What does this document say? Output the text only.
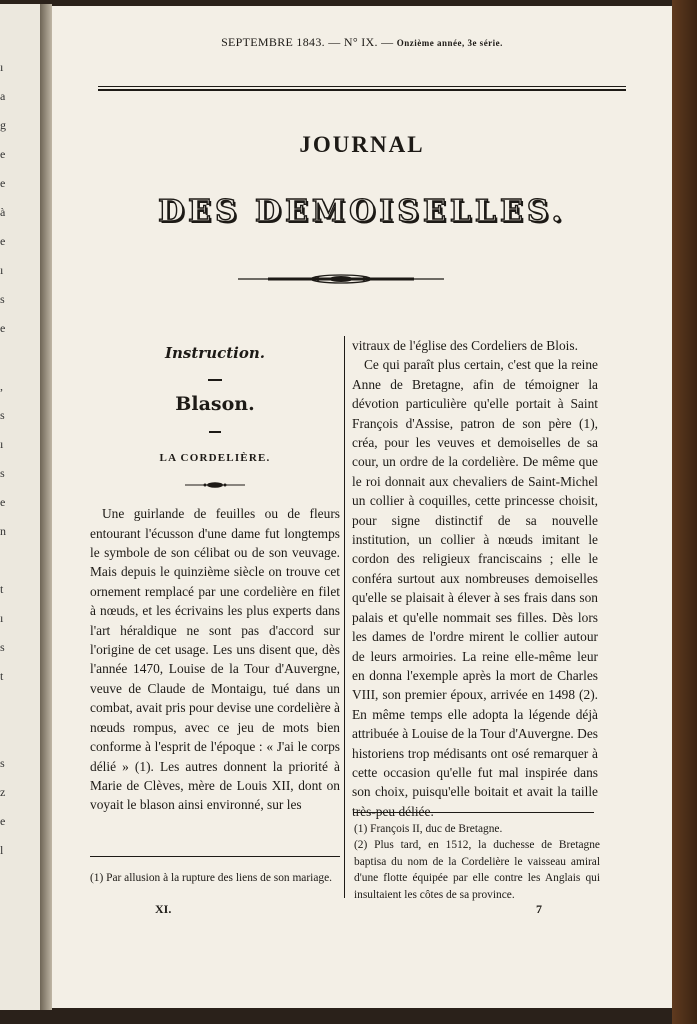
ı
a
g
e
e
à
e
ı
s
e
,
s
ı
s
e
n
t
ı
s
t
s
z
e
l
SEPTEMBRE 1843. — N° IX. — Onzième année, 3e série.
JOURNAL
DES DEMOISELLES.
Instruction.
Blason.
LA CORDELIÈRE.

Une guirlande de feuilles ou de fleurs entourant l'écusson d'une dame fut longtemps le symbole de son célibat ou de son veuvage. Mais depuis le quinzième siècle on trouve cet ornement remplacé par une cordelière en filet à nœuds, et les écrivains les plus experts dans l'art héraldique ne sont pas d'accord sur l'origine de cet usage. Les uns disent que, dès l'année 1470, Louise de la Tour d'Auvergne, veuve de Claude de Montaigu, tué dans un combat, avait pris pour devise une cordelière à nœuds rompus, avec ce jeu de mots bien conforme à l'esprit de l'époque : « J'ai le corps délié » (1). Les autres donnent la priorité à Marie de Clèves, mère de Louis XII, dont on voyait le blason ainsi environné, sur les

vitraux de l'église des Cordeliers de Blois.

Ce qui paraît plus certain, c'est que la reine Anne de Bretagne, afin de témoigner la dévotion particulière qu'elle portait à Saint François d'Assise, patron de son père (1), créa, pour les veuves et demoiselles de sa cour, un ordre de la cordelière. De même que le roi donnait aux chevaliers de Saint-Michel un collier à coquilles, cette princesse choisit, pour signe distinctif de sa nouvelle institution, un collier à nœuds imitant le cordon des religieux franciscains ; elle le conféra surtout aux nombreuses demoiselles qu'elle se plaisait à élever à ses frais dans son palais et qu'elle nommait ses filles. Dès lors les dames de l'ordre mirent le collier autour de leurs armoiries. La reine elle-même leur en donna l'exemple après la mort de Charles VIII, son premier époux, arrivée en 1498 (2). En même temps elle adopta la légende déjà attribuée à Louise de la Tour d'Auvergne. Des historiens trop médisants ont osé remarquer à cette occasion qu'elle fut mal inspirée dans son choix, puisqu'elle boitait et avait la taille très-peu déliée.

(1) Par allusion à la rupture des liens de son mariage.

(1) François II, duc de Bretagne.

(2) Plus tard, en 1512, la duchesse de Bretagne baptisa du nom de la Cordelière le vaisseau amiral d'une flotte équipée par elle contre les Anglais qui insultaient les côtes de sa province.

XI.	7
